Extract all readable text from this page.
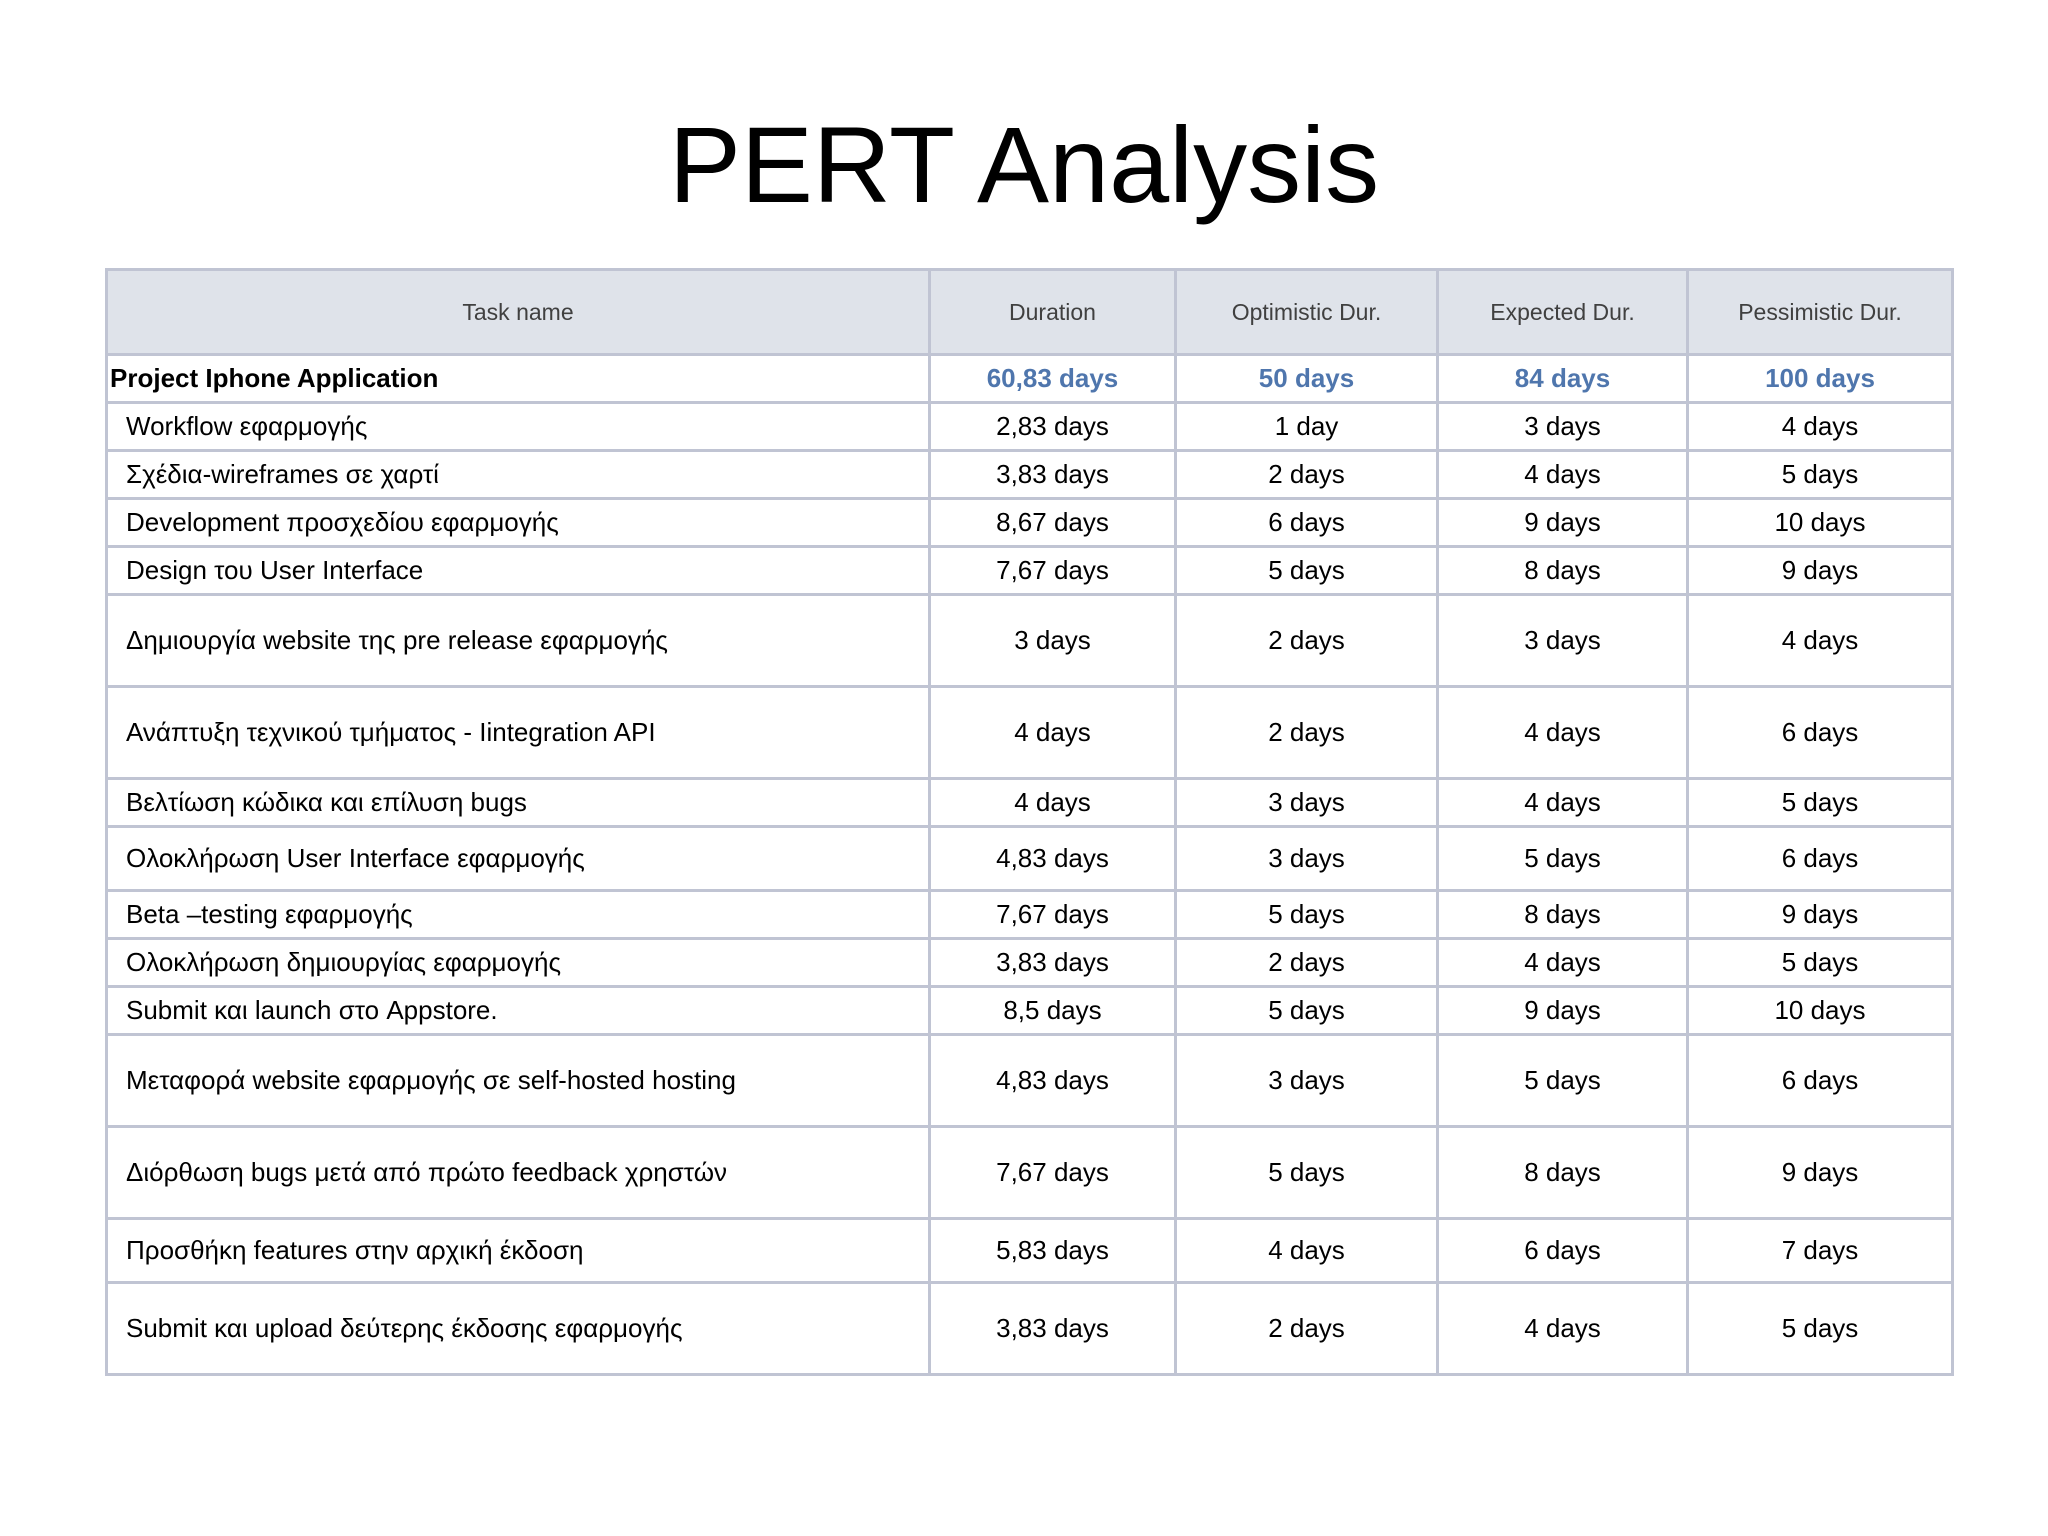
PERT Analysis
Task name	Duration	Optimistic Dur.	Expected Dur.	Pessimistic Dur.
Project Iphone Application	60,83 days	50 days	84 days	100 days
Workflow εφαρμογής	2,83 days	1 day	3 days	4 days
Σχέδια-wireframes σε χαρτί	3,83 days	2 days	4 days	5 days
Development προσχεδίου εφαρμογής	8,67 days	6 days	9 days	10 days
Design του User Interface	7,67 days	5 days	8 days	9 days
Δημιουργία website της pre release εφαρμογής	3 days	2 days	3 days	4 days
Ανάπτυξη τεχνικού τμήματος - Iintegration API	4 days	2 days	4 days	6 days
Βελτίωση κώδικα και επίλυση bugs	4 days	3 days	4 days	5 days
Ολοκλήρωση User Interface εφαρμογής	4,83 days	3 days	5 days	6 days
Beta –testing εφαρμογής	7,67 days	5 days	8 days	9 days
Ολοκλήρωση δημιουργίας εφαρμογής	3,83 days	2 days	4 days	5 days
Submit και launch στο Appstore.	8,5 days	5 days	9 days	10 days
Μεταφορά website εφαρμογής σε self-hosted hosting	4,83 days	3 days	5 days	6 days
Διόρθωση bugs μετά από πρώτο feedback χρηστών	7,67 days	5 days	8 days	9 days
Προσθήκη features στην αρχική έκδοση	5,83 days	4 days	6 days	7 days
Submit και upload δεύτερης έκδοσης εφαρμογής	3,83 days	2 days	4 days	5 days
